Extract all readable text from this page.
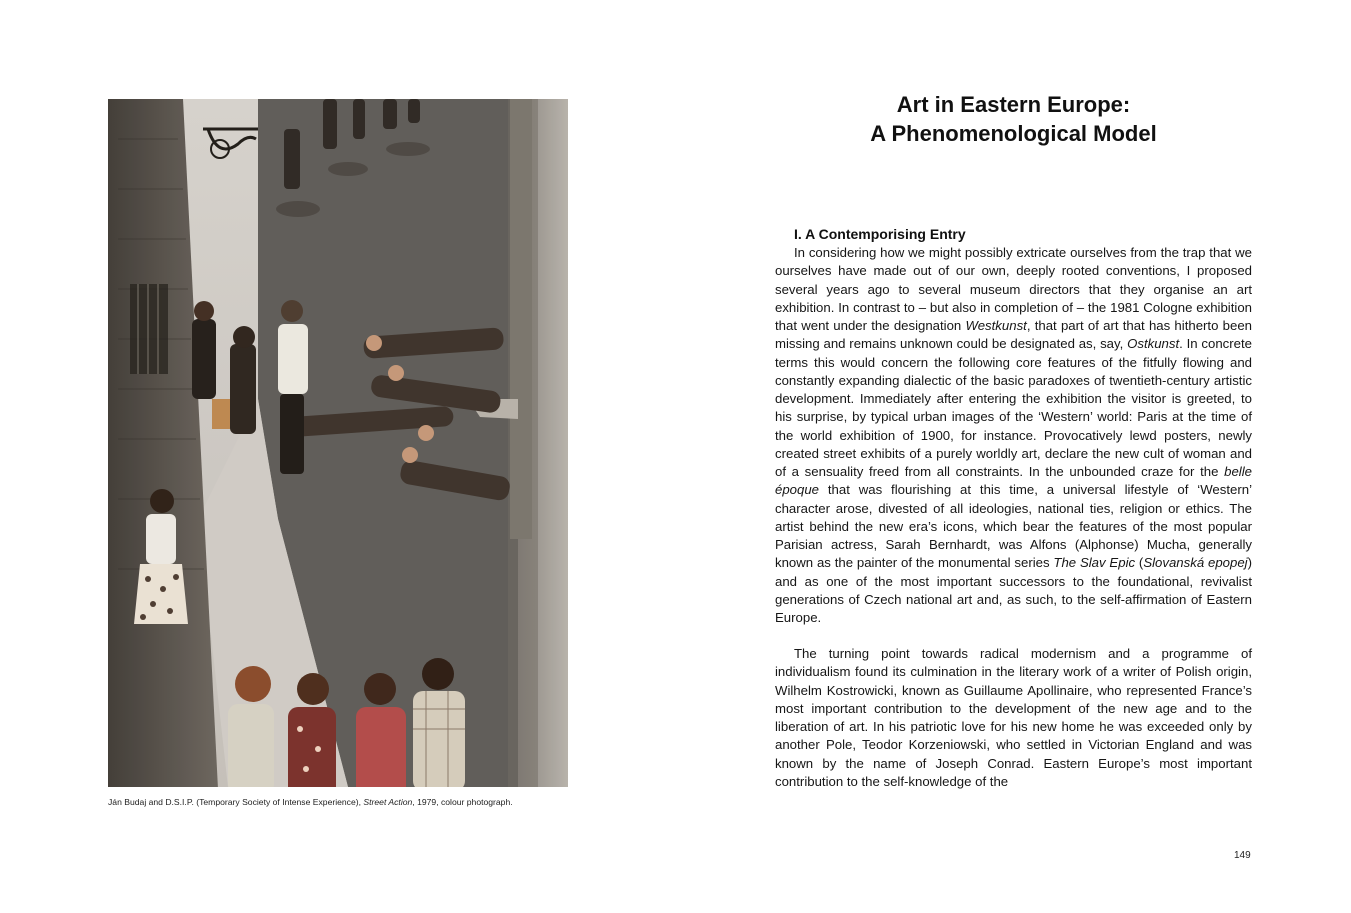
Ján Budaj and D.S.I.P. (Temporary Society of Intense Experience), Street Action, 1979, colour photograph.
Art in Eastern Europe:
A Phenomenological Model
I. A Contemporising Entry

In considering how we might possibly extricate ourselves from the trap that we ourselves have made out of our own, deeply rooted conventions, I proposed several years ago to several museum directors that they organise an art exhibition. In contrast to – but also in completion of – the 1981 Cologne exhibition that went under the designation Westkunst, that part of art that has hitherto been missing and remains unknown could be designated as, say, Ostkunst. In concrete terms this would concern the following core features of the fitfully flowing and constantly expanding dialectic of the basic paradoxes of twentieth-century artistic development. Immediately after entering the exhibition the visitor is greeted, to his surprise, by typical urban images of the ‘Western’ world: Paris at the time of the world exhibition of 1900, for instance. Provocatively lewd posters, newly created street exhibits of a purely worldly art, declare the new cult of woman and of a sensuality freed from all constraints. In the unbounded craze for the belle époque that was flourishing at this time, a universal lifestyle of ‘Western’ character arose, divested of all ideologies, national ties, religion or ethics. The artist behind the new era’s icons, which bear the features of the most popular Parisian actress, Sarah Bernhardt, was Alfons (Alphonse) Mucha, generally known as the painter of the monumental series The Slav Epic (Slovanská epopej) and as one of the most important successors to the foundational, revivalist generations of Czech national art and, as such, to the self-affirmation of Eastern Europe.

The turning point towards radical modernism and a programme of individualism found its culmination in the literary work of a writer of Polish origin, Wilhelm Kostrowicki, known as Guillaume Apollinaire, who represented France’s most important contribution to the development of the new age and to the liberation of art. In his patriotic love for his new home he was exceeded only by another Pole, Teodor Korzeniowski, who settled in Victorian England and was known by the name of Joseph Conrad. Eastern Europe’s most important contribution to the self-knowledge of the

149
